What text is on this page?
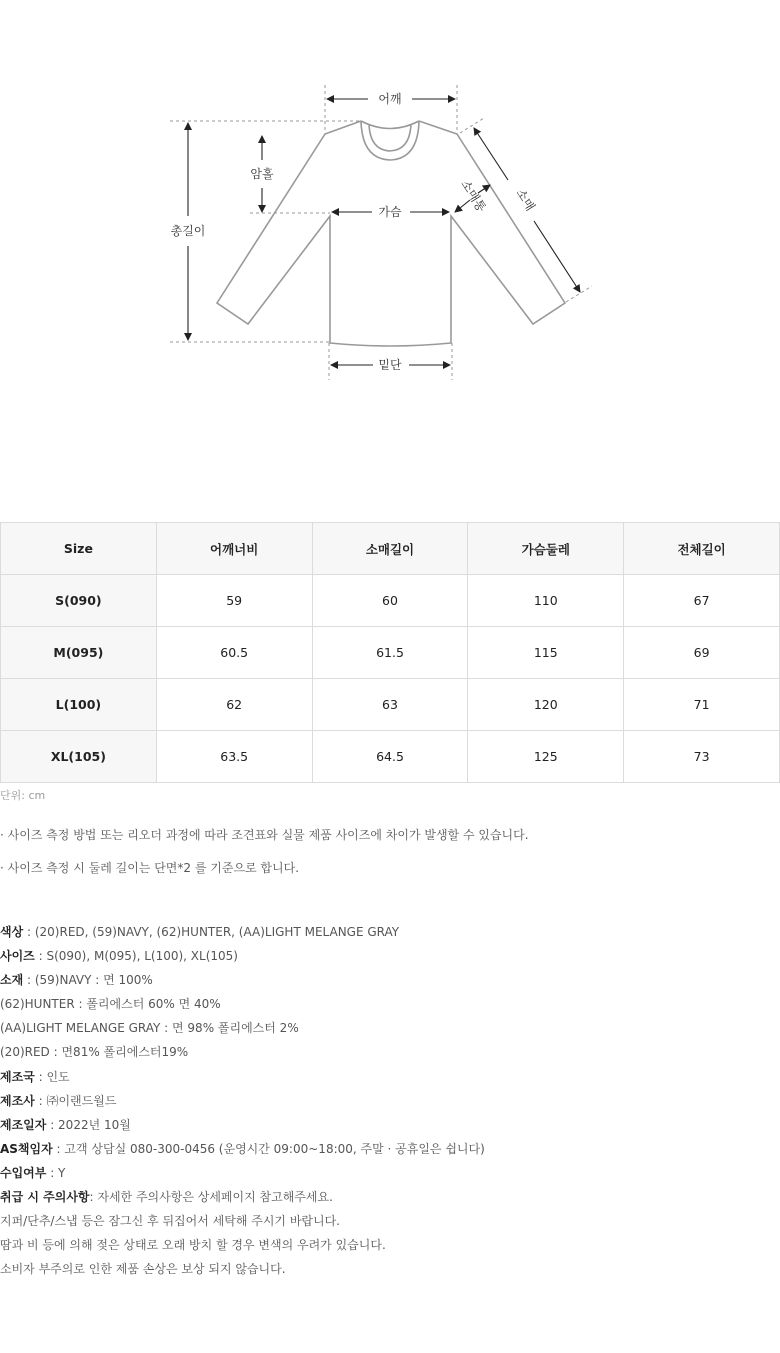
어깨
암홀
총길이
가슴	소매통 소매
밑단
Size	어깨너비	소매길이	가슴둘레	전체길이
S(090)	59	60	110	67
M(095)	60.5	61.5	115	69
L(100)	62	63	120	71
XL(105)	63.5	64.5	125	73
단위: cm
· 사이즈 측정 방법 또는 리오더 과정에 따라 조견표와 실물 제품 사이즈에 차이가 발생할 수 있습니다.
· 사이즈 측정 시 둘레 길이는 단면*2 를 기준으로 합니다.
색상 : (20)RED, (59)NAVY, (62)HUNTER, (AA)LIGHT MELANGE GRAY
사이즈 : S(090), M(095), L(100), XL(105)
소재 : (59)NAVY : 면 100%
(62)HUNTER : 폴리에스터 60% 면 40%
(AA)LIGHT MELANGE GRAY : 면 98% 폴리에스터 2%
(20)RED : 면81% 폴리에스터19%
제조국 : 인도
제조사 : ㈜이랜드월드
제조일자 : 2022년 10월
AS책임자 : 고객 상담실 080-300-0456 (운영시간 09:00~18:00, 주말 · 공휴일은 쉽니다)
수입여부 : Y
취급 시 주의사항: 자세한 주의사항은 상세페이지 참고해주세요.
지퍼/단추/스냅 등은 잠그신 후 뒤집어서 세탁해 주시기 바랍니다.
땀과 비 등에 의해 젖은 상태로 오래 방치 할 경우 변색의 우려가 있습니다.
소비자 부주의로 인한 제품 손상은 보상 되지 않습니다.
